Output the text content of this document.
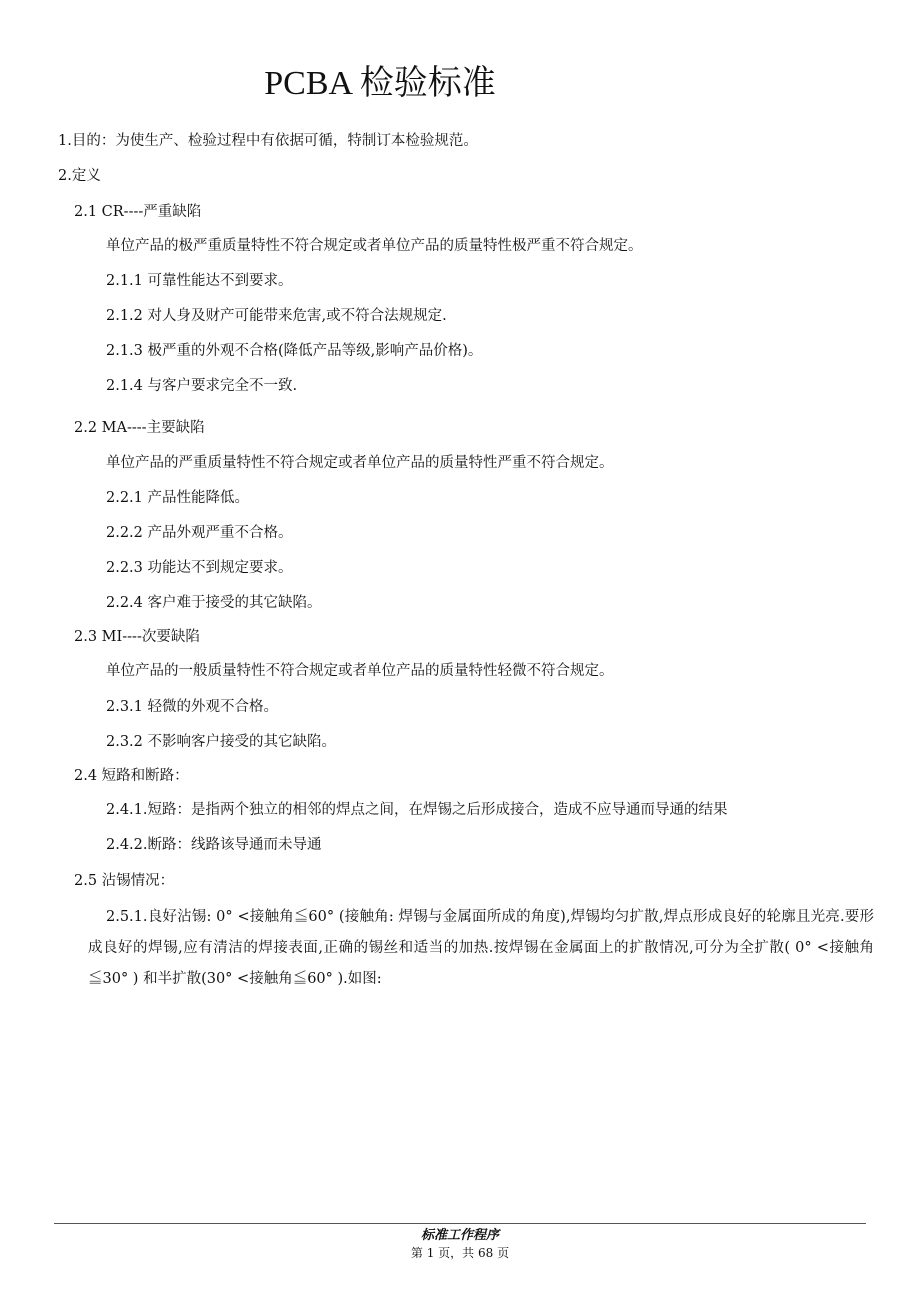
PCBA 检验标准
1.目的：为使生产、检验过程中有依据可循，特制订本检验规范。
2.定义
2.1 CR----严重缺陷
单位产品的极严重质量特性不符合规定或者单位产品的质量特性极严重不符合规定。
2.1.1 可靠性能达不到要求。
2.1.2 对人身及财产可能带来危害,或不符合法规规定.
2.1.3 极严重的外观不合格(降低产品等级,影响产品价格)。
2.1.4 与客户要求完全不一致.
2.2 MA----主要缺陷
单位产品的严重质量特性不符合规定或者单位产品的质量特性严重不符合规定。
2.2.1 产品性能降低。
2.2.2 产品外观严重不合格。
2.2.3 功能达不到规定要求。
2.2.4 客户难于接受的其它缺陷。
2.3 MI----次要缺陷
单位产品的一般质量特性不符合规定或者单位产品的质量特性轻微不符合规定。
2.3.1 轻微的外观不合格。
2.3.2 不影响客户接受的其它缺陷。
2.4 短路和断路：
2.4.1.短路：是指两个独立的相邻的焊点之间，在焊锡之后形成接合，造成不应导通而导通的结果
2.4.2.断路：线路该导通而未导通
2.5 沾锡情况：
2.5.1.良好沾锡: 0° <接触角≦60° (接触角: 焊锡与金属面所成的角度),焊锡均匀扩散,焊点形成良好的轮廓且光亮.要形成良好的焊锡,应有清洁的焊接表面,正确的锡丝和适当的加热.按焊锡在金属面上的扩散情况,可分为全扩散( 0° <接触角≦30° ) 和半扩散(30° <接触角≦60° ).如图:
标准工作程序
第 1 页，共 68 页
